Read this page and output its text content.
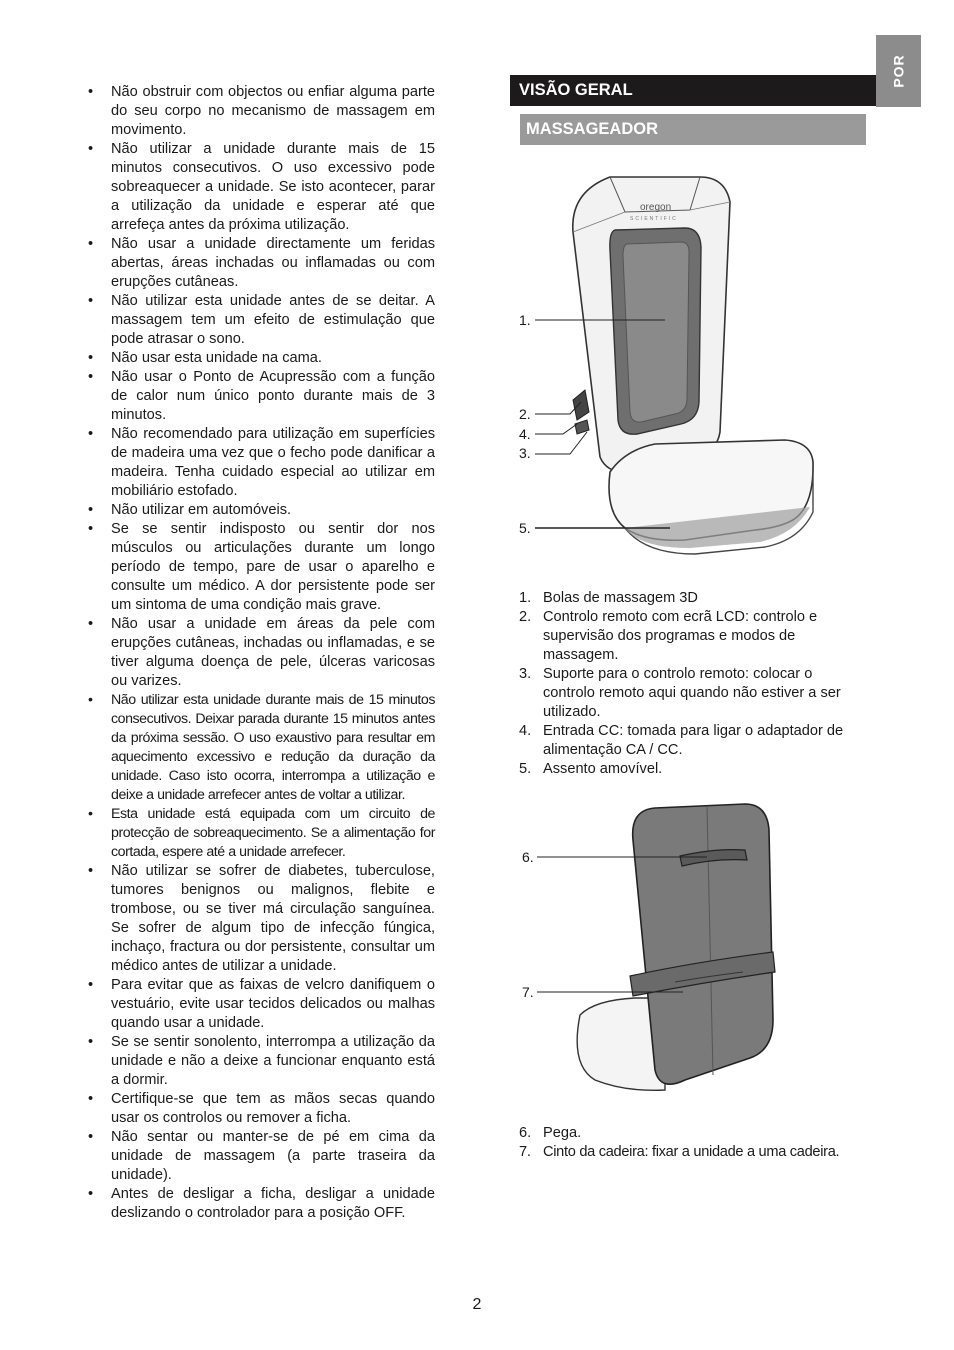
POR
• Não obstruir com objectos ou enfiar alguma parte do seu corpo no mecanismo de massagem em movimento.
• Não utilizar a unidade durante mais de 15 minutos consecutivos. O uso excessivo pode sobreaquecer a unidade. Se isto acontecer, parar a utilização da unidade e esperar até que arrefeça antes da próxima utilização.
• Não usar a unidade directamente um feridas abertas, áreas inchadas ou inflamadas ou com erupções cutâneas.
• Não utilizar esta unidade antes de se deitar. A massagem tem um efeito de estimulação que pode atrasar o sono.
• Não usar esta unidade na cama.
• Não usar o Ponto de Acupressão com a função de calor num único ponto durante mais de 3 minutos.
• Não recomendado para utilização em superfícies de madeira uma vez que o fecho pode danificar a madeira. Tenha cuidado especial ao utilizar em mobiliário estofado.
• Não utilizar em automóveis.
• Se se sentir indisposto ou sentir dor nos músculos ou articulações durante um longo período de tempo, pare de usar o aparelho e consulte um médico. A dor persistente pode ser um sintoma de uma condição mais grave.
• Não usar a unidade em áreas da pele com erupções cutâneas, inchadas ou inflamadas, e se tiver alguma doença de pele, úlceras varicosas ou varizes.
• Não utilizar esta unidade durante mais de 15 minutos consecutivos. Deixar parada durante 15 minutos antes da próxima sessão. O uso exaustivo para resultar em aquecimento excessivo e redução da duração da unidade. Caso isto ocorra, interrompa a utilização e deixe a unidade arrefecer antes de voltar a utilizar.
• Esta unidade está equipada com um circuito de protecção de sobreaquecimento. Se a alimentação for cortada, espere até a unidade arrefecer.
• Não utilizar se sofrer de diabetes, tuberculose, tumores benignos ou malignos, flebite e trombose, ou se tiver má circulação sanguínea. Se sofrer de algum tipo de infecção fúngica, inchaço, fractura ou dor persistente, consultar um médico antes de utilizar a unidade.
• Para evitar que as faixas de velcro danifiquem o vestuário, evite usar tecidos delicados ou malhas quando usar a unidade.
• Se se sentir sonolento, interrompa a utilização da unidade e não a deixe a funcionar enquanto está a dormir.
• Certifique-se que tem as mãos secas quando usar os controlos ou remover a ficha.
• Não sentar ou manter-se de pé em cima da unidade de massagem (a parte traseira da unidade).
• Antes de desligar a ficha, desligar a unidade deslizando o controlador para a posição OFF.
VISÃO GERAL
MASSAGEADOR
oregon
SCIENTIFIC
1.
2.
4.
3.
5.
1. Bolas de massagem 3D
2. Controlo remoto com ecrã LCD: controlo e supervisão dos programas e modos de massagem.
3. Suporte para o controlo remoto: colocar o controlo remoto aqui quando não estiver a ser utilizado.
4. Entrada CC: tomada para ligar o adaptador de alimentação CA / CC.
5. Assento amovível.
6.
7.
6. Pega.
7. Cinto da cadeira: fixar a unidade a uma cadeira.
2
